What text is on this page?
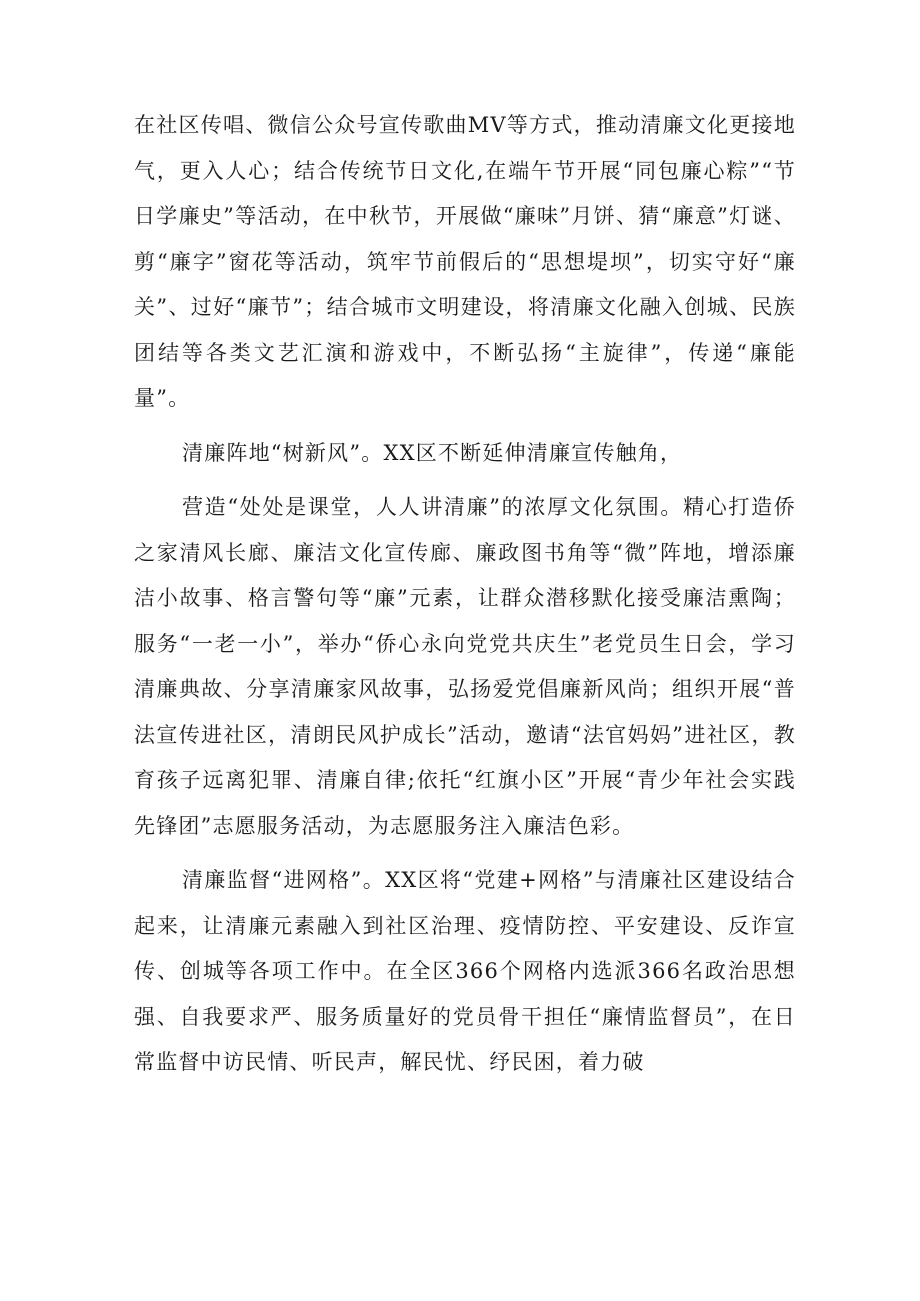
在社区传唱、微信公众号宣传歌曲MV等方式，推动清廉文化更接地气，更入人心；结合传统节日文化,在端午节开展“同包廉心粽”“节日学廉史”等活动，在中秋节，开展做“廉味”月饼、猜“廉意”灯谜、剪“廉字”窗花等活动，筑牢节前假后的“思想堤坝”，切实守好“廉关”、过好“廉节”；结合城市文明建设，将清廉文化融入创城、民族团结等各类文艺汇演和游戏中，不断弘扬“主旋律”，传递“廉能量”。

清廉阵地“树新风”。XX区不断延伸清廉宣传触角，

营造“处处是课堂，人人讲清廉”的浓厚文化氛围。精心打造侨之家清风长廊、廉洁文化宣传廊、廉政图书角等“微”阵地，增添廉洁小故事、格言警句等“廉”元素，让群众潜移默化接受廉洁熏陶；服务“一老一小”，举办“侨心永向党党共庆生”老党员生日会，学习清廉典故、分享清廉家风故事，弘扬爱党倡廉新风尚；组织开展“普法宣传进社区，清朗民风护成长”活动，邀请“法官妈妈”进社区，教育孩子远离犯罪、清廉自律;依托“红旗小区”开展“青少年社会实践先锋团”志愿服务活动，为志愿服务注入廉洁色彩。

清廉监督“进网格”。XX区将“党建+网格”与清廉社区建设结合起来，让清廉元素融入到社区治理、疫情防控、平安建设、反诈宣传、创城等各项工作中。在全区366个网格内选派366名政治思想强、自我要求严、服务质量好的党员骨干担任“廉情监督员”，在日常监督中访民情、听民声，解民忧、纾民困，着力破
